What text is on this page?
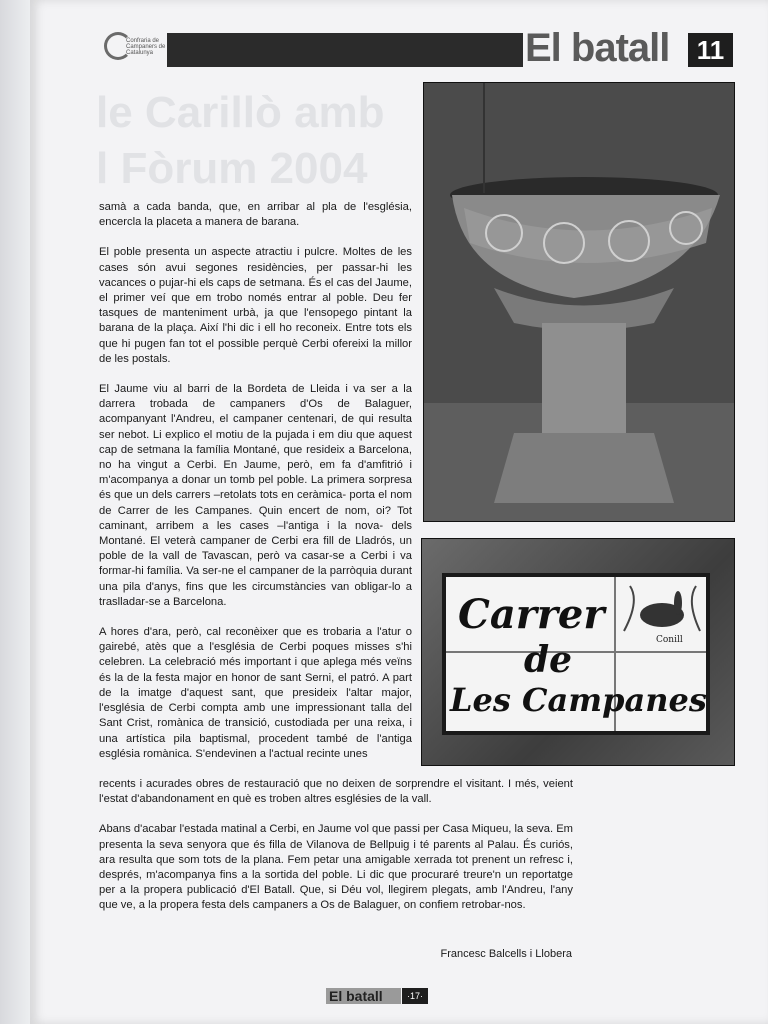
Confraria de Campaners de Catalunya	El batall	11
le Carillò amb
l Fòrum 2004

samà a cada banda, que, en arribar al pla de l'església, encercla la placeta a manera de barana.

El poble presenta un aspecte atractiu i pulcre. Moltes de les cases són avui segones residències, per passar-hi les vacances o pujar-hi els caps de setmana. És el cas del Jaume, el primer veí que em trobo només entrar al poble. Deu fer tasques de manteniment urbà, ja que l'ensopego pintant la barana de la plaça. Així l'hi dic i ell ho reconeix. Entre tots els que hi pugen fan tot el possible perquè Cerbi ofereixi la millor de les postals.

El Jaume viu al barri de la Bordeta de Lleida i va ser a la darrera trobada de campaners d'Os de Balaguer, acompanyant l'Andreu, el campaner centenari, de qui resulta ser nebot. Li explico el motiu de la pujada i em diu que aquest cap de setmana la família Montané, que resideix a Barcelona, no ha vingut a Cerbi. En Jaume, però, em fa d'amfitrió i m'acompanya a donar un tomb pel poble. La primera sorpresa és que un dels carrers –retolats tots en ceràmica- porta el nom de Carrer de les Campanes. Quin encert de nom, oi? Tot caminant, arribem a les cases –l'antiga i la nova- dels Montané. El veterà campaner de Cerbi era fill de Lladrós, un poble de la vall de Tavascan, però va casar-se a Cerbi i va formar-hi família. Va ser-ne el campaner de la parròquia durant una pila d'anys, fins que les circumstàncies van obligar-lo a traslladar-se a Barcelona.

A hores d'ara, però, cal reconèixer que es trobaria a l'atur o gairebé, atès que a l'església de Cerbi poques misses s'hi celebren. La celebració més important i que aplega més veïns és la de la festa major en honor de sant Serni, el patró. A part de la imatge d'aquest sant, que presideix l'altar major, l'església de Cerbi compta amb une impressionant talla del Sant Crist, romànica de transició, custodiada per una reixa, i una artística pila baptismal, procedent també de l'antiga església romànica. S'endevinen a l'actual recinte unes

recents i acurades obres de restauració que no deixen de sorprendre el visitant. I més, veient l'estat d'abandonament en què es troben altres esglésies de la vall.

Abans d'acabar l'estada matinal a Cerbi, en Jaume vol que passi per Casa Miqueu, la seva. Em presenta la seva senyora que és filla de Vilanova de Bellpuig i té parents al Palau. És curiós, ara resulta que som tots de la plana. Fem petar una amigable xerrada tot prenent un refresc i, després, m'acompanya fins a la sortida del poble. Li dic que procuraré treure'n un reportatge per a la propera publicació d'El Batall. Que, si Déu vol, llegirem plegats, amb l'Andreu, l'any que ve, a la propera festa dels campaners a Os de Balaguer, on confiem retrobar-nos.

Francesc Balcells i Llobera
Carrer
de
Les Campanes
Conill
El batall	·17·
